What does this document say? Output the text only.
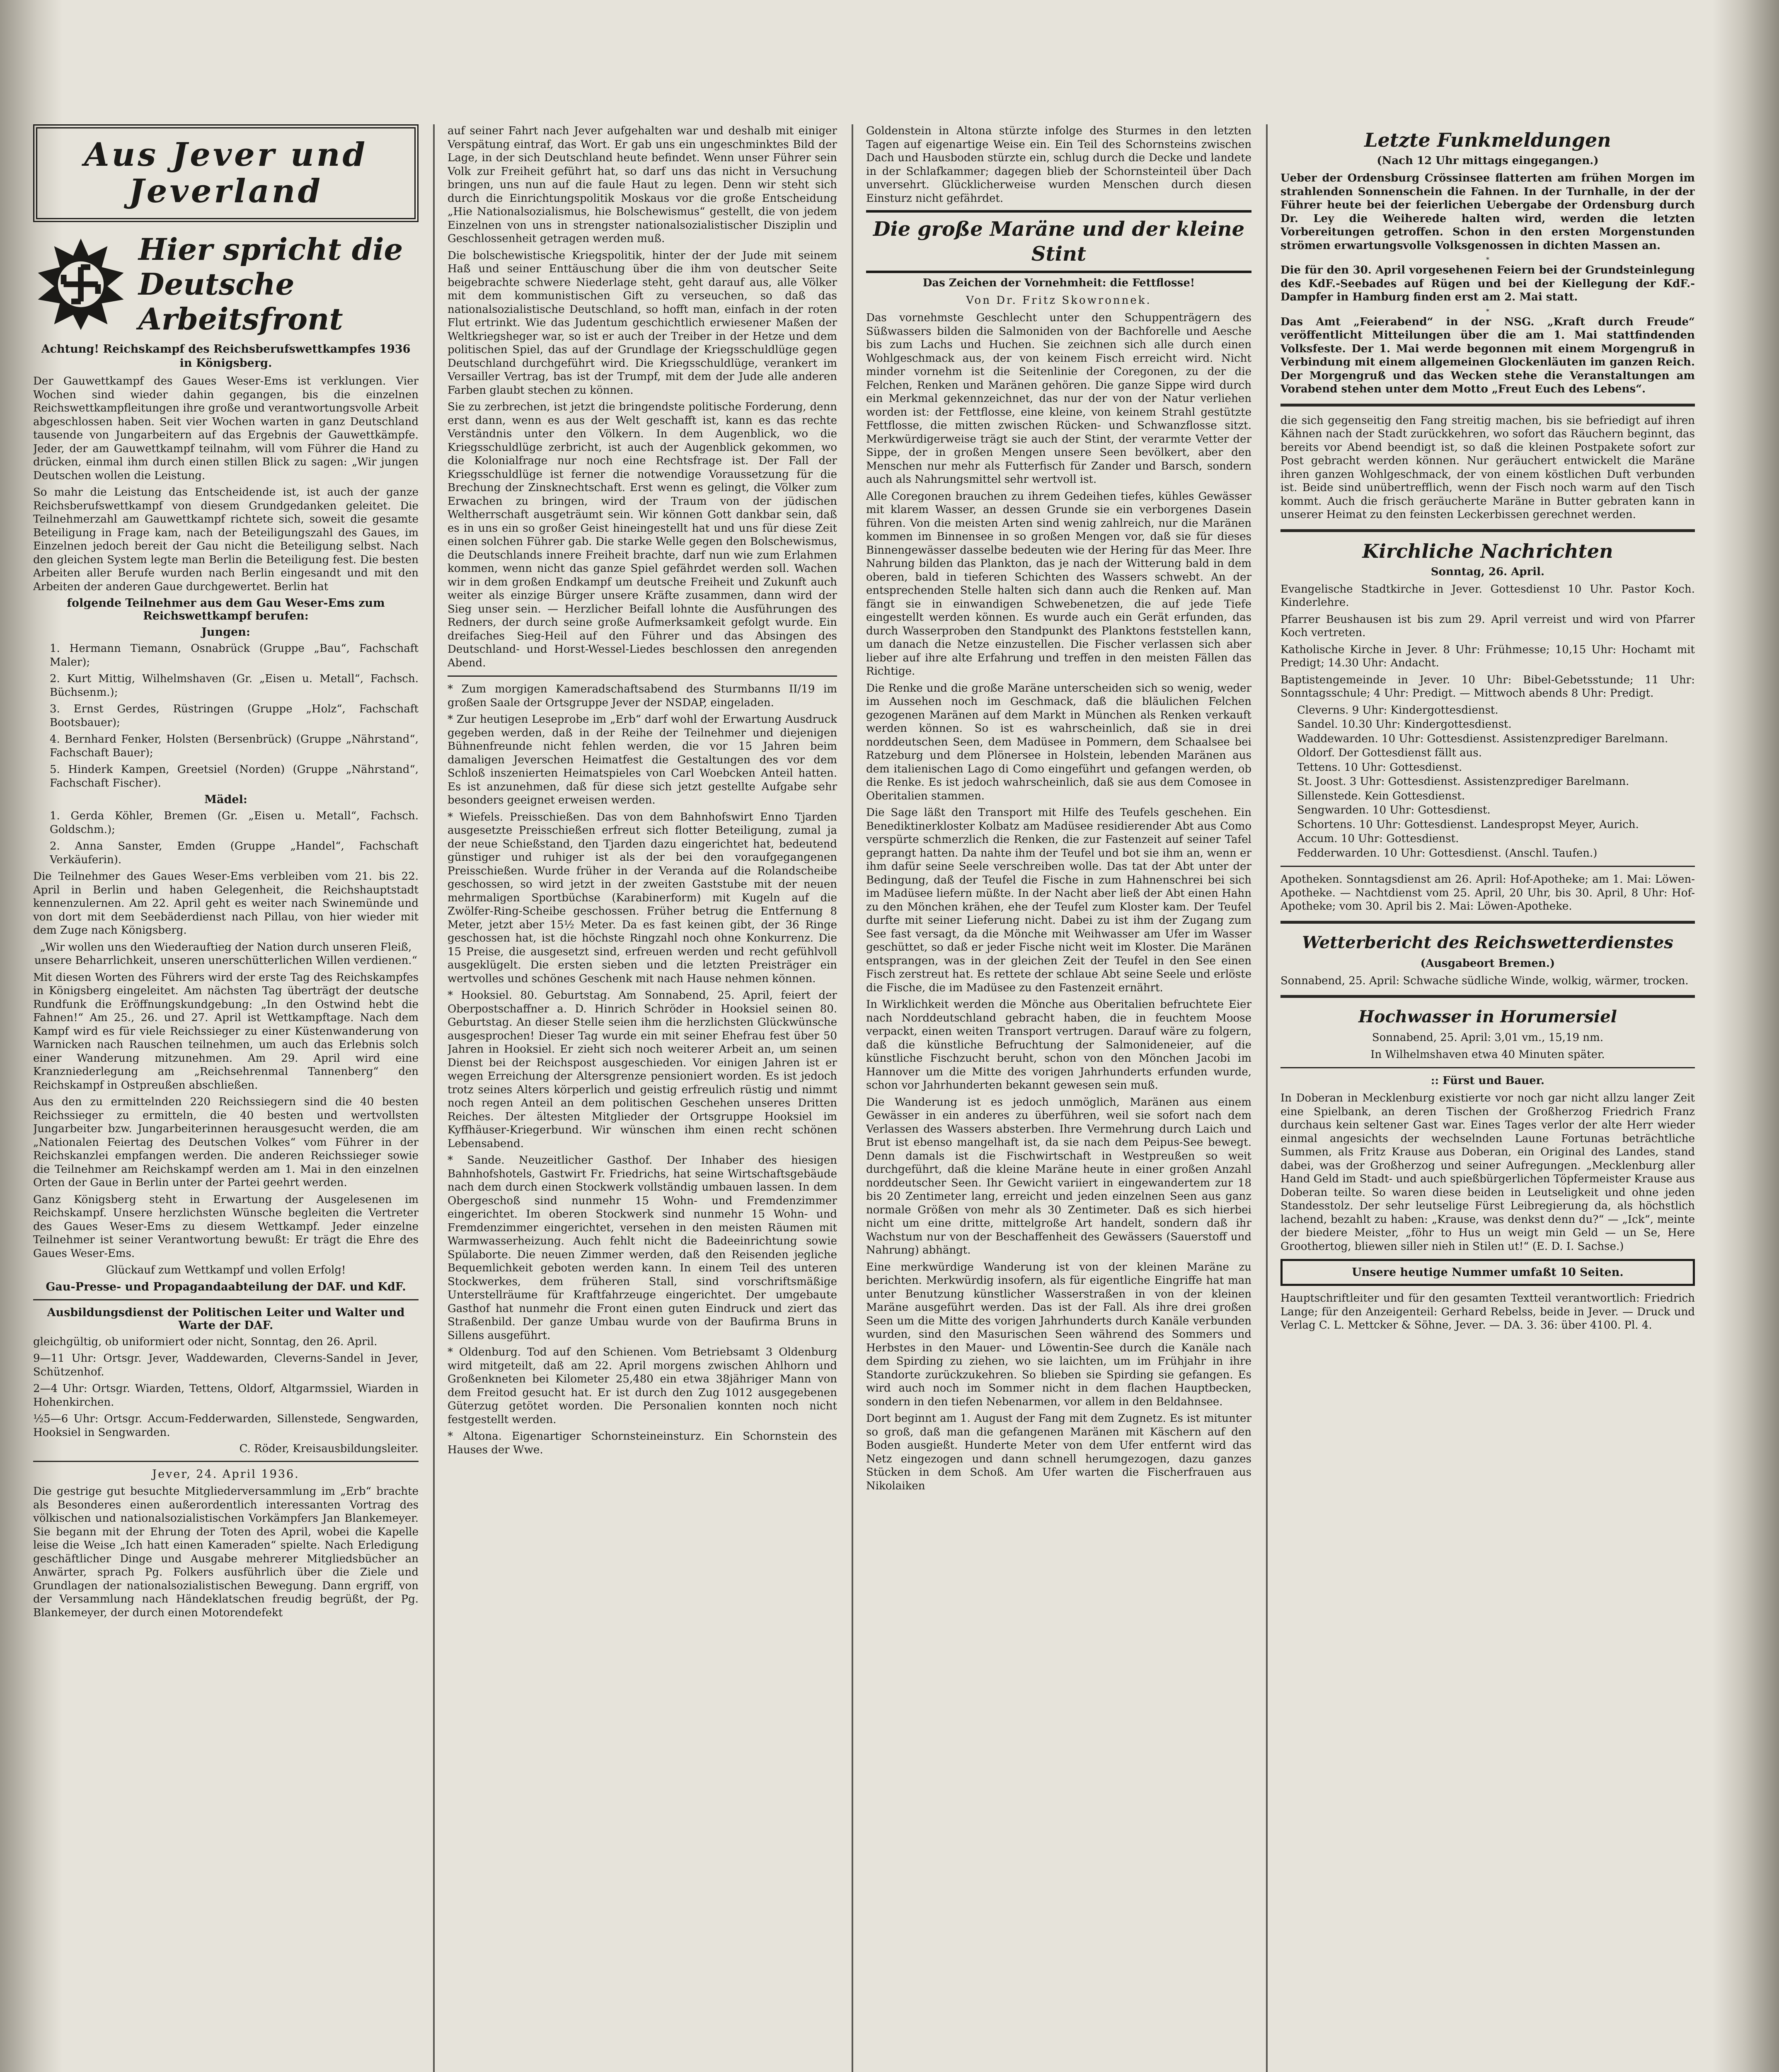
Aus Jever und Jeverland
Hier spricht die Deutsche Arbeitsfront
Achtung! Reichskampf des Reichsberufswettkampfes 1936 in Königsberg.

Der Gauwettkampf des Gaues Weser-Ems ist verklungen. Vier Wochen sind wieder dahin gegangen, bis die einzelnen Reichswettkampfleitungen ihre große und verantwortungsvolle Arbeit abgeschlossen haben. Seit vier Wochen warten in ganz Deutschland tausende von Jungarbeitern auf das Ergebnis der Gauwettkämpfe. Jeder, der am Gauwettkampf teilnahm, will vom Führer die Hand zu drücken, einmal ihm durch einen stillen Blick zu sagen: „Wir jungen Deutschen wollen die Leistung.

So mahr die Leistung das Entscheidende ist, ist auch der ganze Reichsberufswettkampf von diesem Grundgedanken geleitet. Die Teilnehmerzahl am Gauwettkampf richtete sich, soweit die gesamte Beteiligung in Frage kam, nach der Beteiligungszahl des Gaues, im Einzelnen jedoch bereit der Gau nicht die Beteiligung selbst. Nach den gleichen System legte man Berlin die Beteiligung fest. Die besten Arbeiten aller Berufe wurden nach Berlin eingesandt und mit den Arbeiten der anderen Gaue durchgewertet. Berlin hat

folgende Teilnehmer aus dem Gau Weser-Ems zum Reichswettkampf berufen:
Jungen:

1. Hermann Tiemann, Osnabrück (Gruppe „Bau“, Fachschaft Maler);

2. Kurt Mittig, Wilhelmshaven (Gr. „Eisen u. Metall“, Fachsch. Büchsenm.);

3. Ernst Gerdes, Rüstringen (Gruppe „Holz“, Fachschaft Bootsbauer);

4. Bernhard Fenker, Holsten (Bersenbrück) (Gruppe „Nährstand“, Fachschaft Bauer);

5. Hinderk Kampen, Greetsiel (Norden) (Gruppe „Nährstand“, Fachschaft Fischer).

Mädel:

1. Gerda Köhler, Bremen (Gr. „Eisen u. Metall“, Fachsch. Goldschm.);

2. Anna Sanster, Emden (Gruppe „Handel“, Fachschaft Verkäuferin).

Die Teilnehmer des Gaues Weser-Ems verbleiben vom 21. bis 22. April in Berlin und haben Gelegenheit, die Reichshauptstadt kennenzulernen. Am 22. April geht es weiter nach Swinemünde und von dort mit dem Seebäderdienst nach Pillau, von hier wieder mit dem Zuge nach Königsberg.

„Wir wollen uns den Wiederauftieg der Nation durch unseren Fleiß, unsere Beharrlichkeit, unseren unerschütterlichen Willen verdienen.“

Mit diesen Worten des Führers wird der erste Tag des Reichskampfes in Königsberg eingeleitet. Am nächsten Tag überträgt der deutsche Rundfunk die Eröffnungskundgebung: „In den Ostwind hebt die Fahnen!“ Am 25., 26. und 27. April ist Wettkampftage. Nach dem Kampf wird es für viele Reichssieger zu einer Küstenwanderung von Warnicken nach Rauschen teilnehmen, um auch das Erlebnis solch einer Wanderung mitzunehmen. Am 29. April wird eine Kranzniederlegung am „Reichsehrenmal Tannenberg“ den Reichskampf in Ostpreußen abschließen.

Aus den zu ermittelnden 220 Reichssiegern sind die 40 besten Reichssieger zu ermitteln, die 40 besten und wertvollsten Jungarbeiter bzw. Jungarbeiterinnen herausgesucht werden, die am „Nationalen Feiertag des Deutschen Volkes“ vom Führer in der Reichskanzlei empfangen werden. Die anderen Reichssieger sowie die Teilnehmer am Reichskampf werden am 1. Mai in den einzelnen Orten der Gaue in Berlin unter der Partei geehrt werden.

Ganz Königsberg steht in Erwartung der Ausgelesenen im Reichskampf. Unsere herzlichsten Wünsche begleiten die Vertreter des Gaues Weser-Ems zu diesem Wettkampf. Jeder einzelne Teilnehmer ist seiner Verantwortung bewußt: Er trägt die Ehre des Gaues Weser-Ems.

Glückauf zum Wettkampf und vollen Erfolg!

Gau-Presse- und Propagandaabteilung der DAF. und KdF.
Ausbildungsdienst der Politischen Leiter und Walter und Warte der DAF.

gleichgültig, ob uniformiert oder nicht, Sonntag, den 26. April.

9—11 Uhr: Ortsgr. Jever, Waddewarden, Cleverns-Sandel in Jever, Schützenhof.

2—4 Uhr: Ortsgr. Wiarden, Tettens, Oldorf, Altgarmssiel, Wiarden in Hohenkirchen.

½5—6 Uhr: Ortsgr. Accum-Fedderwarden, Sillenstede, Sengwarden, Hooksiel in Sengwarden.

C. Röder, Kreisausbildungsleiter.
Jever, 24. April 1936.

Die gestrige gut besuchte Mitgliederversammlung im „Erb“ brachte als Besonderes einen außerordentlich interessanten Vortrag des völkischen und nationalsozialistischen Vorkämpfers Jan Blankemeyer. Sie begann mit der Ehrung der Toten des April, wobei die Kapelle leise die Weise „Ich hatt einen Kameraden“ spielte. Nach Erledigung geschäftlicher Dinge und Ausgabe mehrerer Mitgliedsbücher an Anwärter, sprach Pg. Folkers ausführlich über die Ziele und Grundlagen der nationalsozialistischen Bewegung. Dann ergriff, von der Versammlung nach Händeklatschen freudig begrüßt, der Pg. Blankemeyer, der durch einen Motorendefekt

auf seiner Fahrt nach Jever aufgehalten war und deshalb mit einiger Verspätung eintraf, das Wort. Er gab uns ein ungeschminktes Bild der Lage, in der sich Deutschland heute befindet. Wenn unser Führer sein Volk zur Freiheit geführt hat, so darf uns das nicht in Versuchung bringen, uns nun auf die faule Haut zu legen. Denn wir steht sich durch die Einrichtungspolitik Moskaus vor die große Entscheidung „Hie Nationalsozialismus, hie Bolschewismus“ gestellt, die von jedem Einzelnen von uns in strengster nationalsozialistischer Disziplin und Geschlossenheit getragen werden muß.

Die bolschewistische Kriegspolitik, hinter der der Jude mit seinem Haß und seiner Enttäuschung über die ihm von deutscher Seite beigebrachte schwere Niederlage steht, geht darauf aus, alle Völker mit dem kommunistischen Gift zu verseuchen, so daß das nationalsozialistische Deutschland, so hofft man, einfach in der roten Flut ertrinkt. Wie das Judentum geschichtlich erwiesener Maßen der Weltkriegsheger war, so ist er auch der Treiber in der Hetze und dem politischen Spiel, das auf der Grundlage der Kriegsschuldlüge gegen Deutschland durchgeführt wird. Die Kriegsschuldlüge, verankert im Versailler Vertrag, bas ist der Trumpf, mit dem der Jude alle anderen Farben glaubt stechen zu können.

Sie zu zerbrechen, ist jetzt die bringendste politische Forderung, denn erst dann, wenn es aus der Welt geschafft ist, kann es das rechte Verständnis unter den Völkern. In dem Augenblick, wo die Kriegsschuldlüge zerbricht, ist auch der Augenblick gekommen, wo die Kolonialfrage nur noch eine Rechtsfrage ist. Der Fall der Kriegsschuldlüge ist ferner die notwendige Voraussetzung für die Brechung der Zinsknechtschaft. Erst wenn es gelingt, die Völker zum Erwachen zu bringen, wird der Traum von der jüdischen Weltherrschaft ausgeträumt sein. Wir können Gott dankbar sein, daß es in uns ein so großer Geist hineingestellt hat und uns für diese Zeit einen solchen Führer gab. Die starke Welle gegen den Bolschewismus, die Deutschlands innere Freiheit brachte, darf nun wie zum Erlahmen kommen, wenn nicht das ganze Spiel gefährdet werden soll. Wachen wir in dem großen Endkampf um deutsche Freiheit und Zukunft auch weiter als einzige Bürger unsere Kräfte zusammen, dann wird der Sieg unser sein. — Herzlicher Beifall lohnte die Ausführungen des Redners, der durch seine große Aufmerksamkeit gefolgt wurde. Ein dreifaches Sieg-Heil auf den Führer und das Absingen des Deutschland- und Horst-Wessel-Liedes beschlossen den anregenden Abend.

* Zum morgigen Kameradschaftsabend des Sturmbanns II/19 im großen Saale der Ortsgruppe Jever der NSDAP, eingeladen.

* Zur heutigen Leseprobe im „Erb“ darf wohl der Erwartung Ausdruck gegeben werden, daß in der Reihe der Teilnehmer und diejenigen Bühnenfreunde nicht fehlen werden, die vor 15 Jahren beim damaligen Jeverschen Heimatfest die Gestaltungen des vor dem Schloß inszenierten Heimatspieles von Carl Woebcken Anteil hatten. Es ist anzunehmen, daß für diese sich jetzt gestellte Aufgabe sehr besonders geeignet erweisen werden.

* Wiefels. Preisschießen. Das von dem Bahnhofswirt Enno Tjarden ausgesetzte Preisschießen erfreut sich flotter Beteiligung, zumal ja der neue Schießstand, den Tjarden dazu eingerichtet hat, bedeutend günstiger und ruhiger ist als der bei den voraufgegangenen Preisschießen. Wurde früher in der Veranda auf die Rolandscheibe geschossen, so wird jetzt in der zweiten Gaststube mit der neuen mehrmaligen Sportbüchse (Karabinerform) mit Kugeln auf die Zwölfer-Ring-Scheibe geschossen. Früher betrug die Entfernung 8 Meter, jetzt aber 15½ Meter. Da es fast keinen gibt, der 36 Ringe geschossen hat, ist die höchste Ringzahl noch ohne Konkurrenz. Die 15 Preise, die ausgesetzt sind, erfreuen werden und recht gefühlvoll ausgeklügelt. Die ersten sieben und die letzten Preisträger ein wertvolles und schönes Geschenk mit nach Hause nehmen können.

* Hooksiel. 80. Geburtstag. Am Sonnabend, 25. April, feiert der Oberpostschaffner a. D. Hinrich Schröder in Hooksiel seinen 80. Geburtstag. An dieser Stelle seien ihm die herzlichsten Glückwünsche ausgesprochen! Dieser Tag wurde ein mit seiner Ehefrau fest über 50 Jahren in Hooksiel. Er zieht sich noch weiterer Arbeit an, um seinen Dienst bei der Reichspost ausgeschieden. Vor einigen Jahren ist er wegen Erreichung der Altersgrenze pensioniert worden. Es ist jedoch trotz seines Alters körperlich und geistig erfreulich rüstig und nimmt noch regen Anteil an dem politischen Geschehen unseres Dritten Reiches. Der ältesten Mitglieder der Ortsgruppe Hooksiel im Kyffhäuser-Kriegerbund. Wir wünschen ihm einen recht schönen Lebensabend.

* Sande. Neuzeitlicher Gasthof. Der Inhaber des hiesigen Bahnhofshotels, Gastwirt Fr. Friedrichs, hat seine Wirtschaftsgebäude nach dem durch einen Stockwerk vollständig umbauen lassen. In dem Obergeschoß sind nunmehr 15 Wohn- und Fremdenzimmer eingerichtet. Im oberen Stockwerk sind nunmehr 15 Wohn- und Fremdenzimmer eingerichtet, versehen in den meisten Räumen mit Warmwasserheizung. Auch fehlt nicht die Badeeinrichtung sowie Spülaborte. Die neuen Zimmer werden, daß den Reisenden jegliche Bequemlichkeit geboten werden kann. In einem Teil des unteren Stockwerkes, dem früheren Stall, sind vorschriftsmäßige Unterstellräume für Kraftfahrzeuge eingerichtet. Der umgebaute Gasthof hat nunmehr die Front einen guten Eindruck und ziert das Straßenbild. Der ganze Umbau wurde von der Baufirma Bruns in Sillens ausgeführt.

* Oldenburg. Tod auf den Schienen. Vom Betriebsamt 3 Oldenburg wird mitgeteilt, daß am 22. April morgens zwischen Ahlhorn und Großenkneten bei Kilometer 25,480 ein etwa 38jähriger Mann von dem Freitod gesucht hat. Er ist durch den Zug 1012 ausgegebenen Güterzug getötet worden. Die Personalien konnten noch nicht festgestellt werden.

* Altona. Eigenartiger Schornsteineinsturz. Ein Schornstein des Hauses der Wwe.

Goldenstein in Altona stürzte infolge des Sturmes in den letzten Tagen auf eigenartige Weise ein. Ein Teil des Schornsteins zwischen Dach und Hausboden stürzte ein, schlug durch die Decke und landete in der Schlafkammer; dagegen blieb der Schornsteinteil über Dach unversehrt. Glücklicherweise wurden Menschen durch diesen Einsturz nicht gefährdet.

Die große Maräne und der kleine Stint
Das Zeichen der Vornehmheit: die Fettflosse!
Von Dr. Fritz Skowronnek.

Das vornehmste Geschlecht unter den Schuppenträgern des Süßwassers bilden die Salmoniden von der Bachforelle und Aesche bis zum Lachs und Huchen. Sie zeichnen sich alle durch einen Wohlgeschmack aus, der von keinem Fisch erreicht wird. Nicht minder vornehm ist die Seitenlinie der Coregonen, zu der die Felchen, Renken und Maränen gehören. Die ganze Sippe wird durch ein Merkmal gekennzeichnet, das nur der von der Natur verliehen worden ist: der Fettflosse, eine kleine, von keinem Strahl gestützte Fettflosse, die mitten zwischen Rücken- und Schwanzflosse sitzt. Merkwürdigerweise trägt sie auch der Stint, der verarmte Vetter der Sippe, der in großen Mengen unsere Seen bevölkert, aber den Menschen nur mehr als Futterfisch für Zander und Barsch, sondern auch als Nahrungsmittel sehr wertvoll ist.

Alle Coregonen brauchen zu ihrem Gedeihen tiefes, kühles Gewässer mit klarem Wasser, an dessen Grunde sie ein verborgenes Dasein führen. Von die meisten Arten sind wenig zahlreich, nur die Maränen kommen im Binnensee in so großen Mengen vor, daß sie für dieses Binnengewässer dasselbe bedeuten wie der Hering für das Meer. Ihre Nahrung bilden das Plankton, das je nach der Witterung bald in dem oberen, bald in tieferen Schichten des Wassers schwebt. An der entsprechenden Stelle halten sich dann auch die Renken auf. Man fängt sie in einwandigen Schwebenetzen, die auf jede Tiefe eingestellt werden können. Es wurde auch ein Gerät erfunden, das durch Wasserproben den Standpunkt des Planktons feststellen kann, um danach die Netze einzustellen. Die Fischer verlassen sich aber lieber auf ihre alte Erfahrung und treffen in den meisten Fällen das Richtige.

Die Renke und die große Maräne unterscheiden sich so wenig, weder im Aussehen noch im Geschmack, daß die bläulichen Felchen gezogenen Maränen auf dem Markt in München als Renken verkauft werden können. So ist es wahrscheinlich, daß sie in drei norddeutschen Seen, dem Madüsee in Pommern, dem Schaalsee bei Ratzeburg und dem Plönersee in Holstein, lebenden Maränen aus dem italienischen Lago di Como eingeführt und gefangen werden, ob die Renke. Es ist jedoch wahrscheinlich, daß sie aus dem Comosee in Oberitalien stammen.

Die Sage läßt den Transport mit Hilfe des Teufels geschehen. Ein Benediktinerkloster Kolbatz am Madüsee residierender Abt aus Como verspürte schmerzlich die Renken, die zur Fastenzeit auf seiner Tafel geprangt hatten. Da nahte ihm der Teufel und bot sie ihm an, wenn er ihm dafür seine Seele verschreiben wolle. Das tat der Abt unter der Bedingung, daß der Teufel die Fische in zum Hahnenschrei bei sich im Madüsee liefern müßte. In der Nacht aber ließ der Abt einen Hahn zu den Mönchen krähen, ehe der Teufel zum Kloster kam. Der Teufel durfte mit seiner Lieferung nicht. Dabei zu ist ihm der Zugang zum See fast versagt, da die Mönche mit Weihwasser am Ufer im Wasser geschüttet, so daß er jeder Fische nicht weit im Kloster. Die Maränen entsprangen, was in der gleichen Zeit der Teufel in den See einen Fisch zerstreut hat. Es rettete der schlaue Abt seine Seele und erlöste die Fische, die im Madüsee zu den Fastenzeit ernährt.

In Wirklichkeit werden die Mönche aus Oberitalien befruchtete Eier nach Norddeutschland gebracht haben, die in feuchtem Moose verpackt, einen weiten Transport vertrugen. Darauf wäre zu folgern, daß die künstliche Befruchtung der Salmonideneier, auf die künstliche Fischzucht beruht, schon von den Mönchen Jacobi im Hannover um die Mitte des vorigen Jahrhunderts erfunden wurde, schon vor Jahrhunderten bekannt gewesen sein muß.

Die Wanderung ist es jedoch unmöglich, Maränen aus einem Gewässer in ein anderes zu überführen, weil sie sofort nach dem Verlassen des Wassers absterben. Ihre Vermehrung durch Laich und Brut ist ebenso mangelhaft ist, da sie nach dem Peipus-See bewegt. Denn damals ist die Fischwirtschaft in Westpreußen so weit durchgeführt, daß die kleine Maräne heute in einer großen Anzahl norddeutscher Seen. Ihr Gewicht variiert in eingewandertem zur 18 bis 20 Zentimeter lang, erreicht und jeden einzelnen Seen aus ganz normale Größen von mehr als 30 Zentimeter. Daß es sich hierbei nicht um eine dritte, mittelgroße Art handelt, sondern daß ihr Wachstum nur von der Beschaffenheit des Gewässers (Sauerstoff und Nahrung) abhängt.

Eine merkwürdige Wanderung ist von der kleinen Maräne zu berichten. Merkwürdig insofern, als für eigentliche Eingriffe hat man unter Benutzung künstlicher Wasserstraßen in von der kleinen Maräne ausgeführt werden. Das ist der Fall. Als ihre drei großen Seen um die Mitte des vorigen Jahrhunderts durch Kanäle verbunden wurden, sind den Masurischen Seen während des Sommers und Herbstes in den Mauer- und Löwentin-See durch die Kanäle nach dem Spirding zu ziehen, wo sie laichten, um im Frühjahr in ihre Standorte zurückzukehren. So blieben sie Spirding sie gefangen. Es wird auch noch im Sommer nicht in dem flachen Hauptbecken, sondern in den tiefen Nebenarmen, vor allem in den Beldahnsee.

Dort beginnt am 1. August der Fang mit dem Zugnetz. Es ist mitunter so groß, daß man die gefangenen Maränen mit Käschern auf den Boden ausgießt. Hunderte Meter von dem Ufer entfernt wird das Netz eingezogen und dann schnell herumgezogen, dazu ganzes Stücken in dem Schoß. Am Ufer warten die Fischerfrauen aus Nikolaiken

Letzte Funkmeldungen
(Nach 12 Uhr mittags eingegangen.)

Ueber der Ordensburg Crössinsee flatterten am frühen Morgen im strahlenden Sonnenschein die Fahnen. In der Turnhalle, in der der Führer heute bei der feierlichen Uebergabe der Ordensburg durch Dr. Ley die Weiherede halten wird, werden die letzten Vorbereitungen getroffen. Schon in den ersten Morgenstunden strömen erwartungsvolle Volksgenossen in dichten Massen an.

*

Die für den 30. April vorgesehenen Feiern bei der Grundsteinlegung des KdF.-Seebades auf Rügen und bei der Kiellegung der KdF.-Dampfer in Hamburg finden erst am 2. Mai statt.

*

Das Amt „Feierabend“ in der NSG. „Kraft durch Freude“ veröffentlicht Mitteilungen über die am 1. Mai stattfindenden Volksfeste. Der 1. Mai werde begonnen mit einem Morgengruß in Verbindung mit einem allgemeinen Glockenläuten im ganzen Reich. Der Morgengruß und das Wecken stehe die Veranstaltungen am Vorabend stehen unter dem Motto „Freut Euch des Lebens“.

die sich gegenseitig den Fang streitig machen, bis sie befriedigt auf ihren Kähnen nach der Stadt zurückkehren, wo sofort das Räuchern beginnt, das bereits vor Abend beendigt ist, so daß die kleinen Postpakete sofort zur Post gebracht werden können. Nur geräuchert entwickelt die Maräne ihren ganzen Wohlgeschmack, der von einem köstlichen Duft verbunden ist. Beide sind unübertrefflich, wenn der Fisch noch warm auf den Tisch kommt. Auch die frisch geräucherte Maräne in Butter gebraten kann in unserer Heimat zu den feinsten Leckerbissen gerechnet werden.

Kirchliche Nachrichten
Sonntag, 26. April.

Evangelische Stadtkirche in Jever. Gottesdienst 10 Uhr. Pastor Koch. Kinderlehre.

Pfarrer Beushausen ist bis zum 29. April verreist und wird von Pfarrer Koch vertreten.

Katholische Kirche in Jever. 8 Uhr: Frühmesse; 10,15 Uhr: Hochamt mit Predigt; 14.30 Uhr: Andacht.

Baptistengemeinde in Jever. 10 Uhr: Bibel-Gebetsstunde; 11 Uhr: Sonntagsschule; 4 Uhr: Predigt. — Mittwoch abends 8 Uhr: Predigt.

Cleverns. 9 Uhr: Kindergottesdienst.

Sandel. 10.30 Uhr: Kindergottesdienst.

Waddewarden. 10 Uhr: Gottesdienst. Assistenzprediger Barelmann.

Oldorf. Der Gottesdienst fällt aus.

Tettens. 10 Uhr: Gottesdienst.

St. Joost. 3 Uhr: Gottesdienst. Assistenzprediger Barelmann.

Sillenstede. Kein Gottesdienst.

Sengwarden. 10 Uhr: Gottesdienst.

Schortens. 10 Uhr: Gottesdienst. Landespropst Meyer, Aurich.

Accum. 10 Uhr: Gottesdienst.

Fedderwarden. 10 Uhr: Gottesdienst. (Anschl. Taufen.)

Apotheken. Sonntagsdienst am 26. April: Hof-Apotheke; am 1. Mai: Löwen-Apotheke. — Nachtdienst vom 25. April, 20 Uhr, bis 30. April, 8 Uhr: Hof-Apotheke; vom 30. April bis 2. Mai: Löwen-Apotheke.

Wetterbericht des Reichswetterdienstes
(Ausgabeort Bremen.)

Sonnabend, 25. April: Schwache südliche Winde, wolkig, wärmer, trocken.

Hochwasser in Horumersiel

Sonnabend, 25. April: 3,01 vm., 15,19 nm.

In Wilhelmshaven etwa 40 Minuten später.

:: Fürst und Bauer.

In Doberan in Mecklenburg existierte vor noch gar nicht allzu langer Zeit eine Spielbank, an deren Tischen der Großherzog Friedrich Franz durchaus kein seltener Gast war. Eines Tages verlor der alte Herr wieder einmal angesichts der wechselnden Laune Fortunas beträchtliche Summen, als Fritz Krause aus Doberan, ein Original des Landes, stand dabei, was der Großherzog und seiner Aufregungen. „Mecklenburg aller Hand Geld im Stadt- und auch spießbürgerlichen Töpfermeister Krause aus Doberan teilte. So waren diese beiden in Leutseligkeit und ohne jeden Standesstolz. Der sehr leutselige Fürst Leibregierung da, als höchstlich lachend, bezahlt zu haben: „Krause, was denkst denn du?“ — „Ick“, meinte der biedere Meister, „föhr to Hus un weigt min Geld — un Se, Here Groothertog, bliewen siller nieh in Stilen ut!“ (E. D. I. Sachse.)

Unsere heutige Nummer umfaßt 10 Seiten.

Hauptschriftleiter und für den gesamten Textteil verantwortlich: Friedrich Lange; für den Anzeigenteil: Gerhard Rebelss, beide in Jever. — Druck und Verlag C. L. Mettcker & Söhne, Jever. — DA. 3. 36: über 4100. Pl. 4.
